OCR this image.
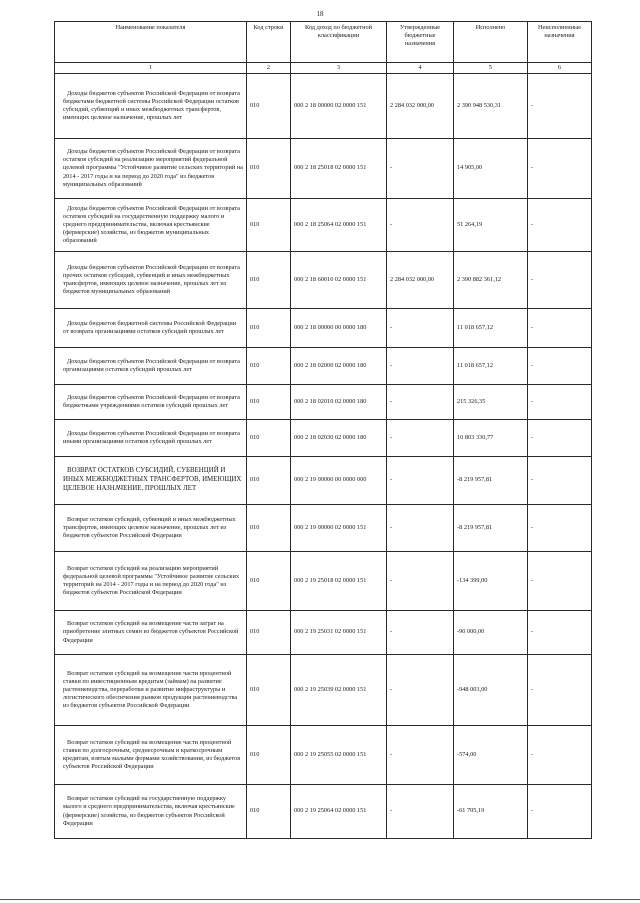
18
Наименование показателя	Код строки	Код доход по бюджетной классификации	Утвержденные бюджетные назначения	Исполнено	Неисполненные назначения
1	2	3	4	5	6
Доходы бюджетов субъектов Российской Федерации от возврата бюджетами бюджетной системы Российской Федерации остатков субсидий, субвенций и иных межбюджетных трансфертов, имеющих целевое назначение, прошлых лет	010	000 2 18 00000 02 0000 151	2 284 032 000,00	2 390 948 530,31	-
Доходы бюджетов субъектов Российской Федерации от возврата остатков субсидий на реализацию мероприятий федеральной целевой программы "Устойчивое развитие сельских территорий на 2014 - 2017 годы и на период до 2020 года" из бюджетов муниципальных образований	010	000 2 18 25018 02 0000 151	-	14 905,00	-
Доходы бюджетов субъектов Российской Федерации от возврата остатков субсидий на государственную поддержку малого и среднего предпринимательства, включая крестьянские (фермерские) хозяйства, из бюджетов муниципальных образований	010	000 2 18 25064 02 0000 151	-	51 264,19	-
Доходы бюджетов субъектов Российской Федерации от возврата прочих остатков субсидий, субвенций и иных межбюджетных трансфертов, имеющих целевое назначение, прошлых лет из бюджетов муниципальных образований	010	000 2 18 60010 02 0000 151	2 284 032 000,00	2 390 882 361,12	-
Доходы бюджетов бюджетной системы Российской Федерации от возврата организациями остатков субсидий прошлых лет	010	000 2 18 00000 00 0000 180	-	11 018 657,12	-
Доходы бюджетов субъектов Российской Федерации от возврата организациями остатков субсидий прошлых лет	010	000 2 18 02000 02 0000 180	-	11 018 657,12	-
Доходы бюджетов субъектов Российской Федерации от возврата бюджетными учреждениями остатков субсидий прошлых лет	010	000 2 18 02010 02 0000 180	-	215 326,35	-
Доходы бюджетов субъектов Российской Федерации от возврата иными организациями остатков субсидий прошлых лет	010	000 2 18 02030 02 0000 180	-	10 803 330,77	-
ВОЗВРАТ ОСТАТКОВ СУБСИДИЙ, СУБВЕНЦИЙ И ИНЫХ МЕЖБЮДЖЕТНЫХ ТРАНСФЕРТОВ, ИМЕЮЩИХ ЦЕЛЕВОЕ НАЗНАЧЕНИЕ, ПРОШЛЫХ ЛЕТ	010	000 2 19 00000 00 0000 000	-	-8 219 957,81	-
Возврат остатков субсидий, субвенций и иных межбюджетных трансфертов, имеющих целевое назначение, прошлых лет из бюджетов субъектов Российской Федерации	010	000 2 19 00000 02 0000 151	-	-8 219 957,81	-
Возврат остатков субсидий на реализацию мероприятий федеральной целевой программы "Устойчивое развитие сельских территорий на 2014 - 2017 годы и на период до 2020 года" из бюджетов субъектов Российской Федерации	010	000 2 19 25018 02 0000 151	-	-134 399,00	-
Возврат остатков субсидий на возмещение части затрат на приобретение элитных семян из бюджетов субъектов Российской Федерации	010	000 2 19 25031 02 0000 151	-	-90 000,00	-
Возврат остатков субсидий на возмещение части процентной ставки по инвестиционным кредитам (займам) на развитие растениеводства, переработки и развитие инфраструктуры и логистического обеспечения рынков продукции растениеводства из бюджетов субъектов Российской Федерации	010	000 2 19 25039 02 0000 151	-	-948 003,00	-
Возврат остатков субсидий на возмещение части процентной ставки по долгосрочным, среднесрочным и краткосрочным кредитам, взятым малыми формами хозяйствования, из бюджетов субъектов Российской Федерации	010	000 2 19 25055 02 0000 151	-	-574,00	-
Возврат остатков субсидий на государственную поддержку малого и среднего предпринимательства, включая крестьянские (фермерские) хозяйства, из бюджетов субъектов Российской Федерации	010	000 2 19 25064 02 0000 151	-	-61 705,19	-
